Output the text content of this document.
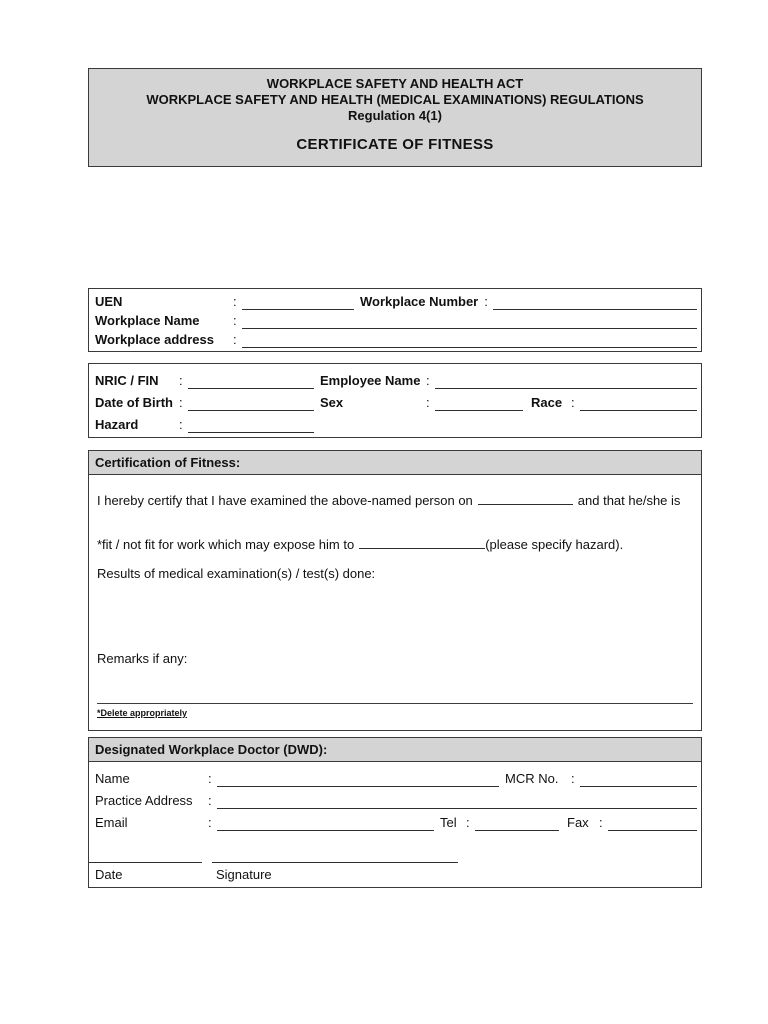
WORKPLACE SAFETY AND HEALTH ACT
WORKPLACE SAFETY AND HEALTH (MEDICAL EXAMINATIONS) REGULATIONS
Regulation 4(1)
CERTIFICATE OF FITNESS
UEN	:	Workplace Number :
Workplace Name	:
Workplace address	:
NRIC / FIN	:	Employee Name :
Date of Birth :	Sex	:	Race :
Hazard	:
Certification of Fitness:

I hereby certify that I have examined the above-named person on	and that he/she is

*fit / not fit for work which may expose him to	(please specify hazard).

Results of medical examination(s) / test(s) done:

Remarks if any:

*Delete appropriately
Designated Workplace Doctor (DWD):
Name	:	MCR No. :
Practice Address	:
Email	:	Tel :	Fax :
Date	Signature
